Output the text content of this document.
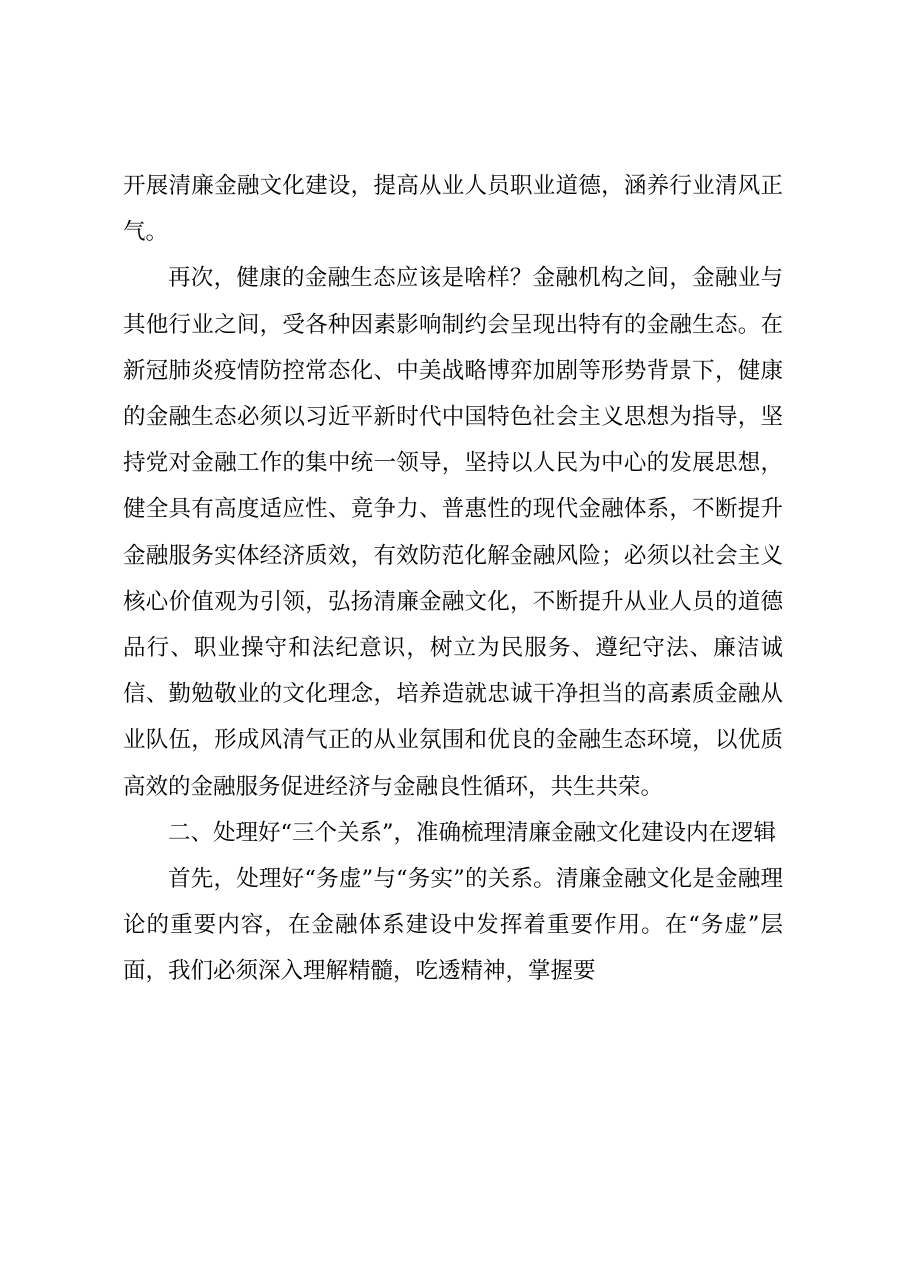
开展清廉金融文化建设，提高从业人员职业道德，涵养行业清风正气。

再次，健康的金融生态应该是啥样？金融机构之间，金融业与其他行业之间，受各种因素影响制约会呈现出特有的金融生态。在新冠肺炎疫情防控常态化、中美战略博弈加剧等形势背景下，健康的金融生态必须以习近平新时代中国特色社会主义思想为指导，坚持党对金融工作的集中统一领导，坚持以人民为中心的发展思想，健全具有高度适应性、竟争力、普惠性的现代金融体系，不断提升金融服务实体经济质效，有效防范化解金融风险；必须以社会主义核心价值观为引领，弘扬清廉金融文化，不断提升从业人员的道德品行、职业操守和法纪意识，树立为民服务、遵纪守法、廉洁诚信、勤勉敬业的文化理念，培养造就忠诚干净担当的高素质金融从业队伍，形成风清气正的从业氛围和优良的金融生态环境，以优质高效的金融服务促进经济与金融良性循环，共生共荣。

二、处理好“三个关系”，准确梳理清廉金融文化建设内在逻辑

首先，处理好“务虚”与“务实”的关系。清廉金融文化是金融理论的重要内容，在金融体系建设中发挥着重要作用。在“务虚”层面，我们必须深入理解精髓，吃透精神，掌握要
